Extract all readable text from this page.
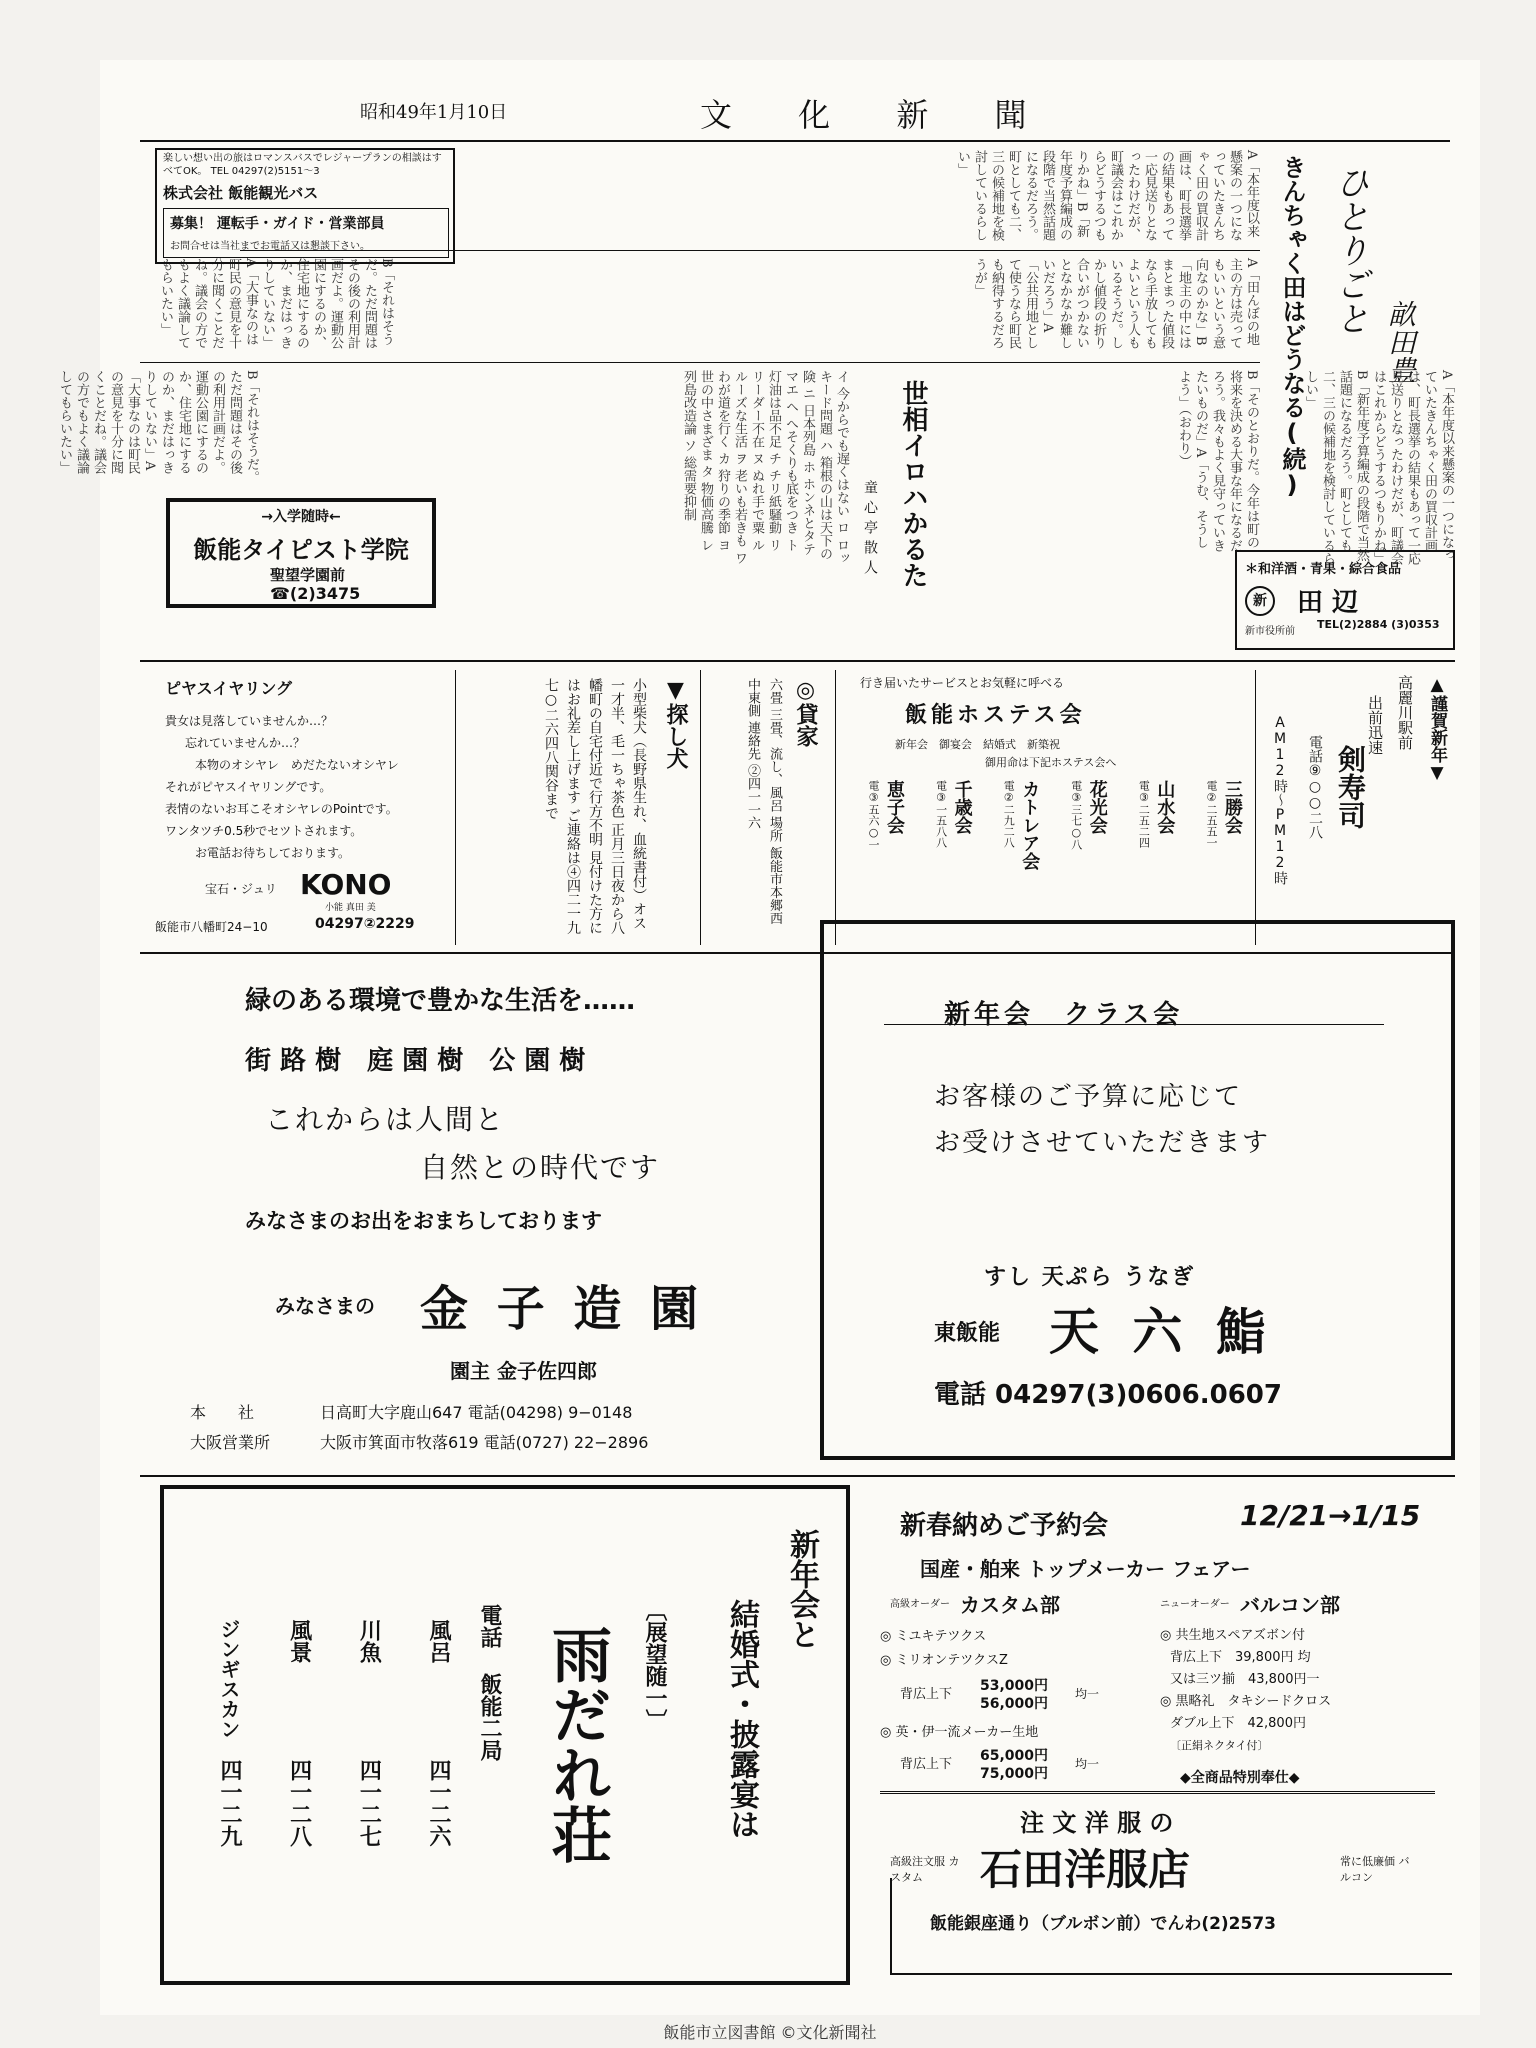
昭和49年1月10日	文 化 新 聞
ひとりごと
畝田豊
きんちゃく田はどうなる(続)
A「本年度以来懸案の一つになっていたきんちゃく田の買収計画は、町長選挙の結果もあって一応見送りとなったわけだが、町議会はこれからどうするつもりかね」B「新年度予算編成の段階で当然話題になるだろう。町としても二、三の候補地を検討しているらしい」
A「田んぼの地主の方は売ってもいいという意向なのかな」B「地主の中にはまとまった値段なら手放してもよいという人もいるそうだ。しかし値段の折り合いがつかないとなかなか難しいだろう」A「公共用地として使うなら町民も納得するだろうが」
B「それはそうだ。ただ問題はその後の利用計画だよ。運動公園にするのか、住宅地にするのか、まだはっきりしていない」A「大事なのは町民の意見を十分に聞くことだね。議会の方でもよく議論してもらいたい」
B「そのとおりだ。今年は町の将来を決める大事な年になるだろう。我々もよく見守っていきたいものだ」A「うむ、そうしよう」（おわり）
B「それはそうだ。ただ問題はその後の利用計画だよ。運動公園にするのか、住宅地にするのか、まだはっきりしていない」A「大事なのは町民の意見を十分に聞くことだね。議会の方でもよく議論してもらいたい」	A「本年度以来懸案の一つになっていたきんちゃく田の買収計画は、町長選挙の結果もあって一応見送りとなったわけだが、町議会はこれからどうするつもりかね」B「新年度予算編成の段階で当然話題になるだろう。町としても二、三の候補地を検討しているらしい」
世相イロハかるた
童心亭散人
イ 今からでも遅くはない ロ ロッキード問題 ハ 箱根の山は天下の険 ニ 日本列島 ホ ホンネとタテマエ ヘ へそくりも底をつき ト 灯油は品不足 チ チリ紙騒動 リ リーダー不在 ヌ ぬれ手で粟 ル ルーズな生活 ヲ 老いも若きも ワ わが道を行く カ 狩りの季節 ヨ 世の中さまざま タ 物価高騰 レ 列島改造論 ソ 総需要抑制
楽しい想い出の旅はロマンスバスでレジャープランの相談はすべてOK。 TEL 04297(2)5151～3
株式会社 飯能観光バス
募集！ 運転手・ガイド・営業部員
お問合せは当社までお電話又は懇談下さい。
→入学随時←
飯能タイピスト学院
聖望学園前
☎(2)3475
＊和洋酒・青果・綜合食品
新	田 辺
新市役所前
TEL(2)2884 (3)0353
ピヤスイヤリング
貴女は見落していませんか…？
忘れていませんか…？
本物のオシヤレ　めだたないオシヤレ
それがピヤスイヤリングです。
表情のないお耳こそオシヤレのPointです。
ワンタツチ0.5秒でセツトされます。
お電話お待ちしております。
宝石・ジュリ KONO
小能 真田 美
飯能市八幡町24−10	04297②2229
▼探し犬
小型柴犬（長野県生れ、血統書付）オス一才半、毛一ちゃ茶色 正月三日夜から八幡町の自宅付近で行方不明 見付けた方にはお礼差し上げます ご連絡は④四二一九七○二六四八関谷まで	◎貸家
六畳 三畳、流し、風呂 場所 飯能市本郷西中東側 連絡先 ②四一一六	行き届いたサービスとお気軽に呼べる
飯能ホステス会
新年会　御宴会　結婚式　新築祝
御用命は下記ホステス会へ
三勝会
電②二五五一
山水会
電③二五二四
花光会
電③三七○八
カトレア会
電②二九二八
千歳会
電③一五八八
恵子会
電③五六○一
▲謹賀新年▼
高麗川駅前
出前迅速
剣寿司
電話⑨○○二八
AM12時～PM12時
緑のある環境で豊かな生活を……
街 路 樹　庭 園 樹　公 園 樹
これからは人間と
自然との時代です
みなさまのお出をおまちしております
みなさまの 金 子 造 園
園主 金子佐四郎
本　　社	日高町大字鹿山647 電話(04298) 9−0148
大阪営業所	大阪市箕面市牧落619 電話(0727) 22−2896
新年会　クラス会
お客様のご予算に応じて
お受けさせていただきます
すし 天ぷら うなぎ
東飯能 天 六 鮨
電話 04297(3)0606.0607
新年会と
結婚式・披露宴は
〔展望随一〕
雨だれ荘
電話 飯能二局
風呂
四一二六
川魚
四一二七
風景
四一二八
ジンギスカン
四一二九
新春納めご予約会	12/21→1/15
国産・舶来 トップメーカー フェアー
高級オーダー カスタム部
◎ ミユキテツクス
◎ ミリオンテツクスZ
背広上下
53,000円 56,000円
均一
◎ 英・伊一流メーカー生地
背広上下
65,000円 75,000円
均一
ニューオーダー バルコン部
◎ 共生地スペアズボン付
背広上下　39,800円 均
又は三ツ揃　43,800円一
◎ 黒略礼　タキシードクロス
ダブル上下　42,800円
〔正絹ネクタイ付〕
◆全商品特別奉仕◆
注 文 洋 服 の
高級注文服 カスタム	石田洋服店	常に低廉価 バルコン
飯能銀座通り（ブルボン前）でんわ(2)2573
飯能市立図書館 ©文化新聞社
